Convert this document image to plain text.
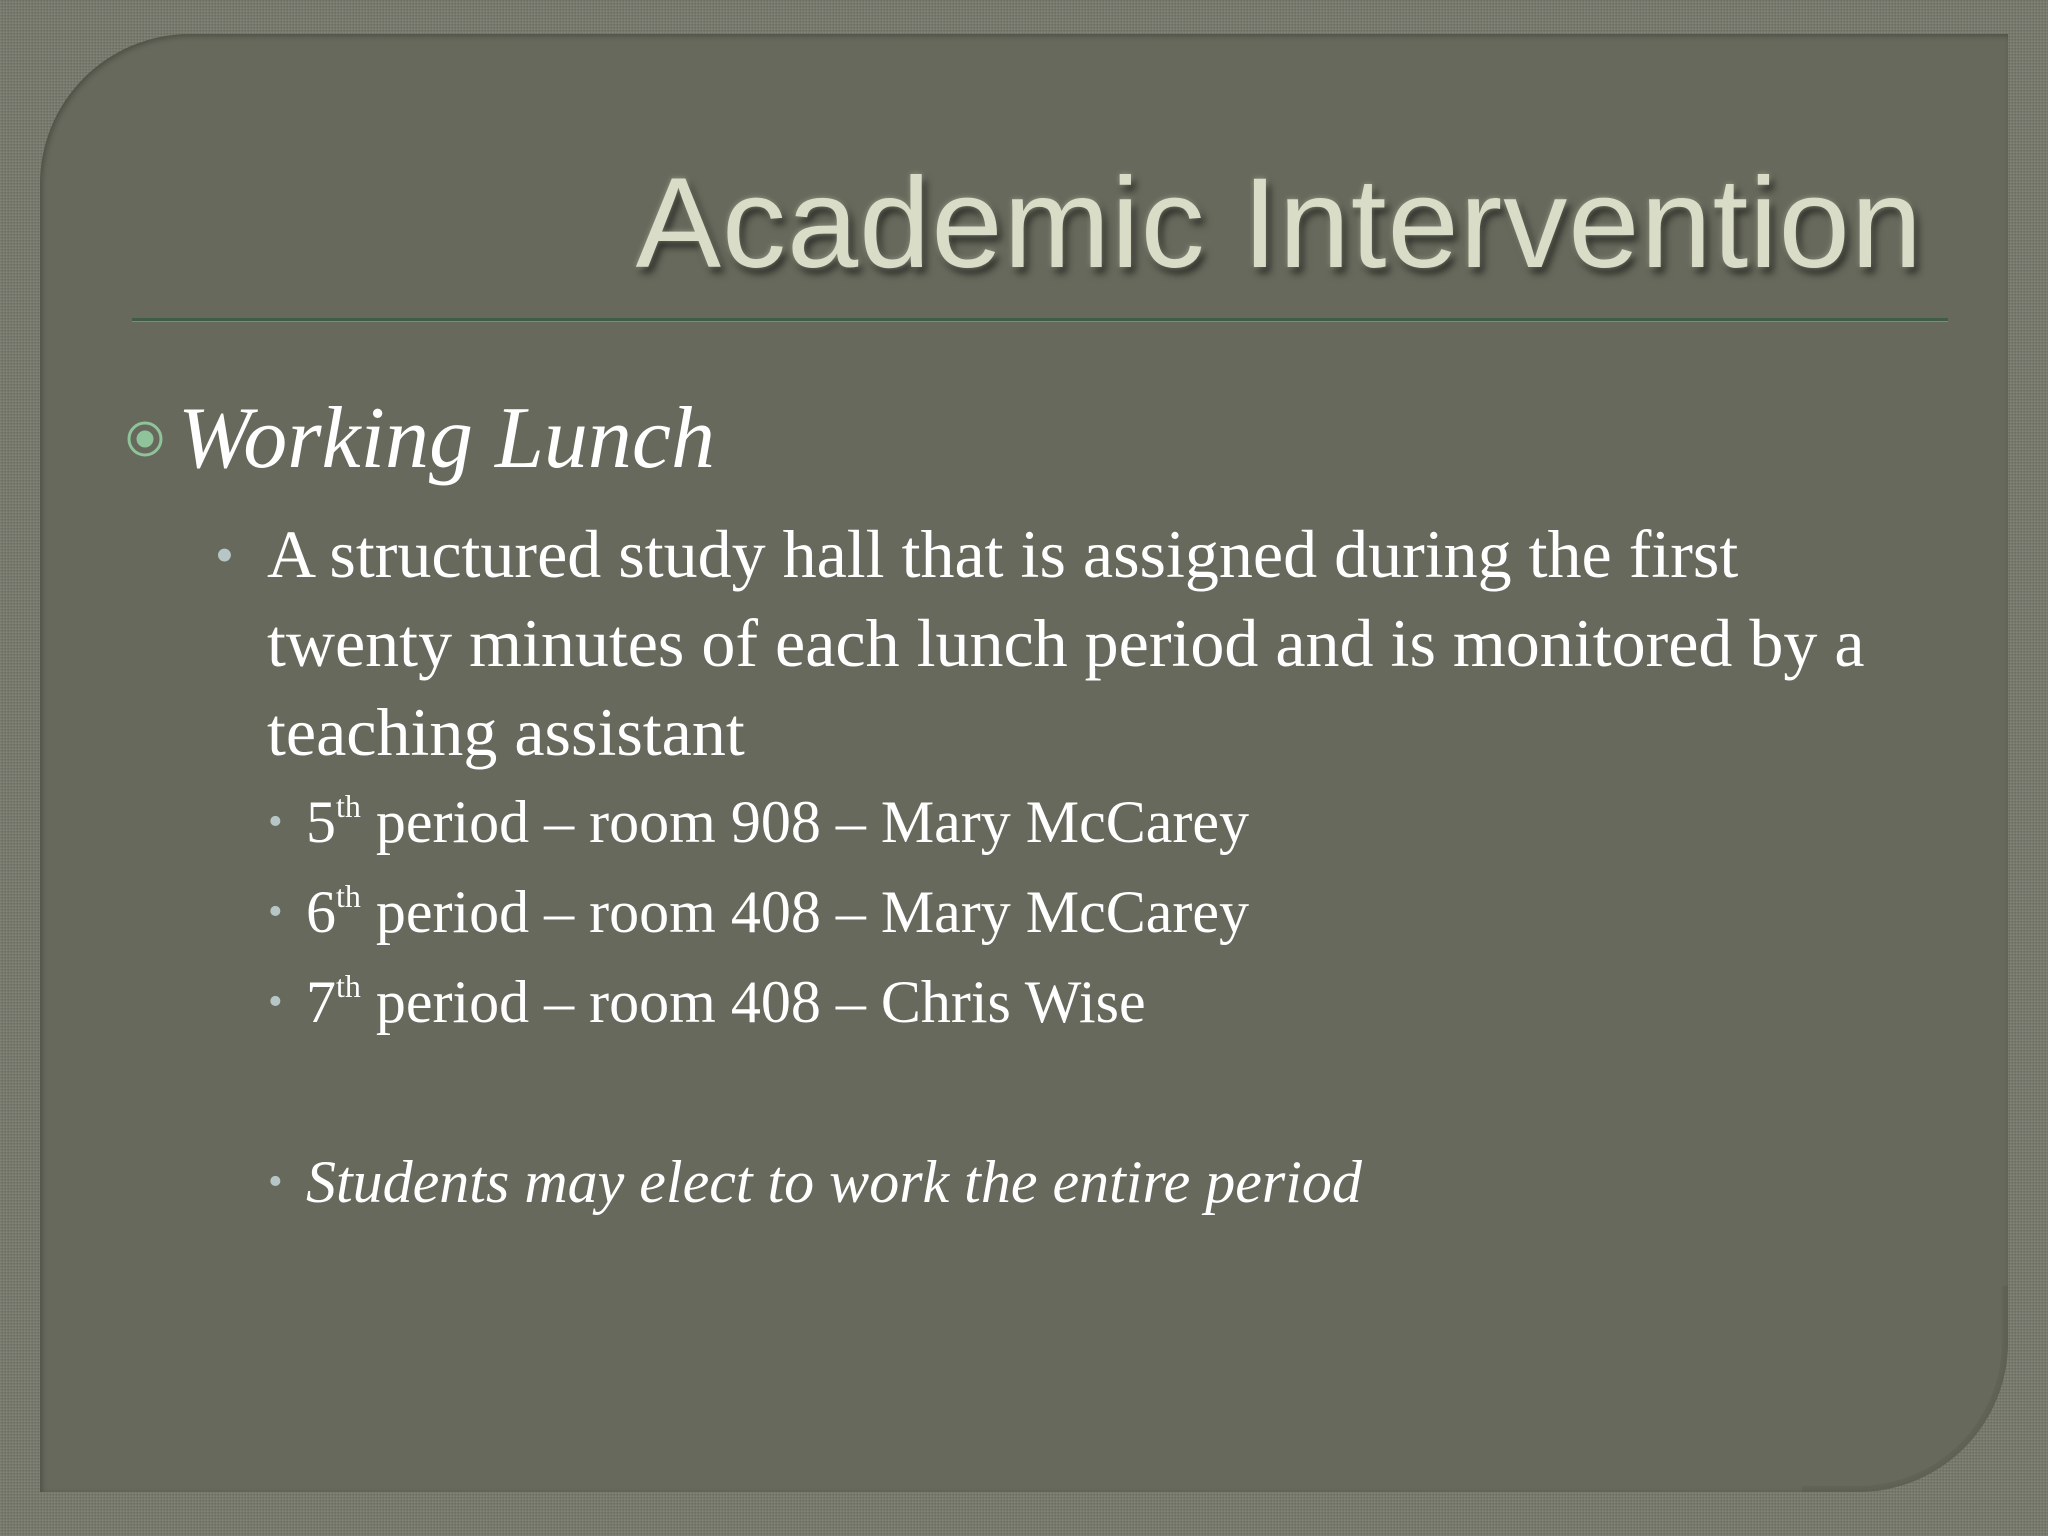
Academic Intervention
Working Lunch
• A structured study hall that is assigned during the first twenty minutes of each lunch period and is monitored by a teaching assistant
• 5th period – room 908 – Mary McCarey
• 6th period – room 408 – Mary McCarey
• 7th period – room 408 – Chris Wise
• Students may elect to work the entire period
